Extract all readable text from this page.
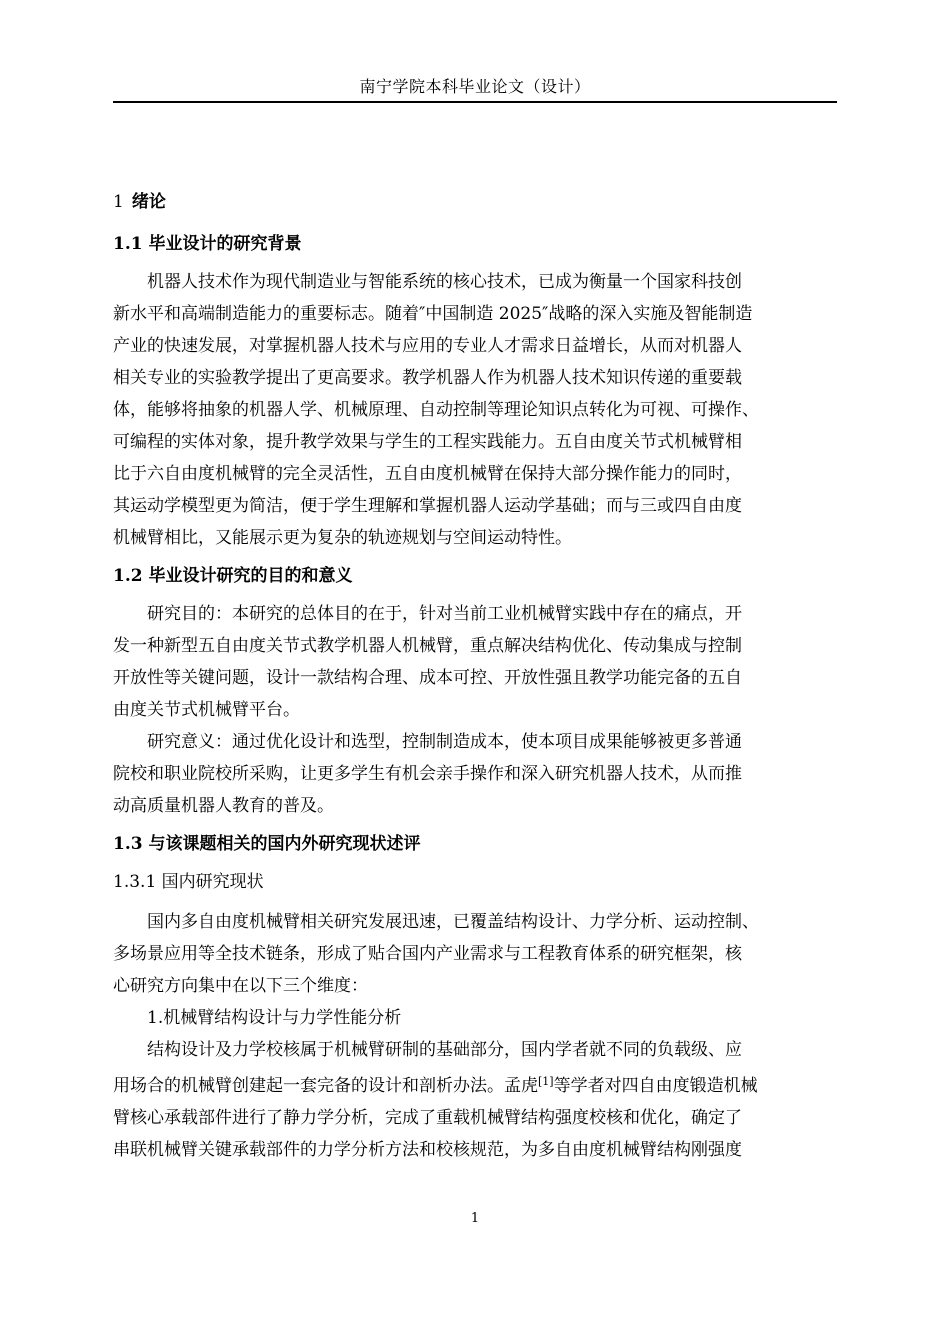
南宁学院本科毕业论文（设计）
1 绪论
1.1 毕业设计的研究背景

机器人技术作为现代制造业与智能系统的核心技术，已成为衡量一个国家科技创
新水平和高端制造能力的重要标志。随着″中国制造 2025″战略的深入实施及智能制造
产业的快速发展，对掌握机器人技术与应用的专业人才需求日益增长，从而对机器人
相关专业的实验教学提出了更高要求。教学机器人作为机器人技术知识传递的重要载
体，能够将抽象的机器人学、机械原理、自动控制等理论知识点转化为可视、可操作、
可编程的实体对象，提升教学效果与学生的工程实践能力。五自由度关节式机械臂相
比于六自由度机械臂的完全灵活性，五自由度机械臂在保持大部分操作能力的同时，
其运动学模型更为简洁，便于学生理解和掌握机器人运动学基础；而与三或四自由度
机械臂相比，又能展示更为复杂的轨迹规划与空间运动特性。

1.2 毕业设计研究的目的和意义

研究目的：本研究的总体目的在于，针对当前工业机械臂实践中存在的痛点，开
发一种新型五自由度关节式教学机器人机械臂，重点解决结构优化、传动集成与控制
开放性等关键问题，设计一款结构合理、成本可控、开放性强且教学功能完备的五自
由度关节式机械臂平台。

研究意义：通过优化设计和选型，控制制造成本，使本项目成果能够被更多普通
院校和职业院校所采购，让更多学生有机会亲手操作和深入研究机器人技术，从而推
动高质量机器人教育的普及。

1.3 与该课题相关的国内外研究现状述评
1.3.1 国内研究现状

国内多自由度机械臂相关研究发展迅速，已覆盖结构设计、力学分析、运动控制、
多场景应用等全技术链条，形成了贴合国内产业需求与工程教育体系的研究框架，核
心研究方向集中在以下三个维度：

1.机械臂结构设计与力学性能分析

结构设计及力学校核属于机械臂研制的基础部分，国内学者就不同的负载级、应
用场合的机械臂创建起一套完备的设计和剖析办法。孟虎[1]等学者对四自由度锻造机械
臂核心承载部件进行了静力学分析，完成了重载机械臂结构强度校核和优化，确定了
串联机械臂关键承载部件的力学分析方法和校核规范，为多自由度机械臂结构刚强度

1
